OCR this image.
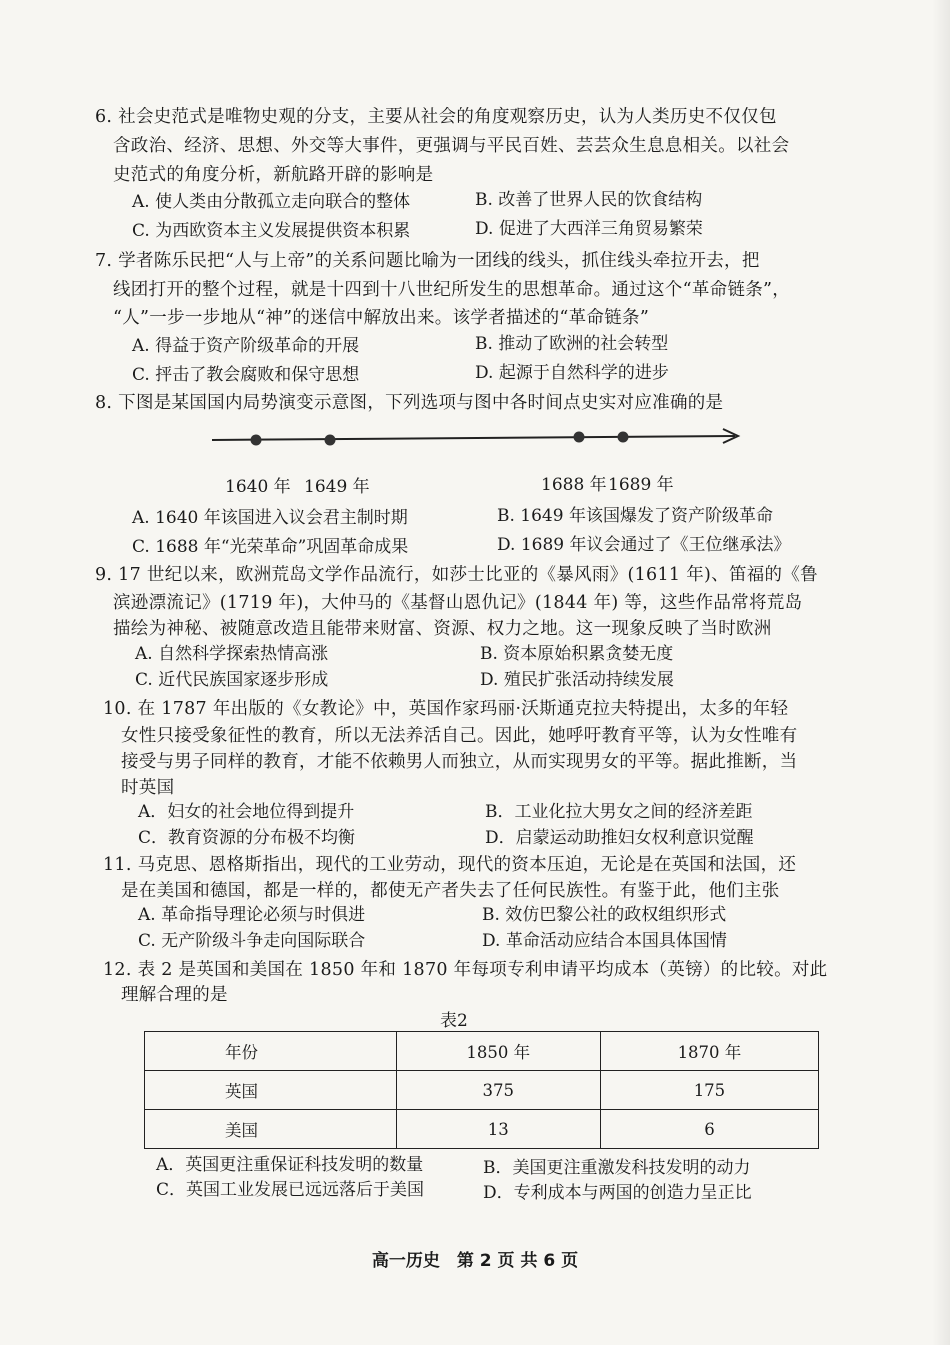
6. 社会史范式是唯物史观的分支，主要从社会的角度观察历史，认为人类历史不仅仅包
含政治、经济、思想、外交等大事件，更强调与平民百姓、芸芸众生息息相关。以社会
史范式的角度分析，新航路开辟的影响是
A. 使人类由分散孤立走向联合的整体	B. 改善了世界人民的饮食结构
C. 为西欧资本主义发展提供资本积累	D. 促进了大西洋三角贸易繁荣
7. 学者陈乐民把“人与上帝”的关系问题比喻为一团线的线头，抓住线头牵拉开去，把
线团打开的整个过程，就是十四到十八世纪所发生的思想革命。通过这个“革命链条”，
“人”一步一步地从“神”的迷信中解放出来。该学者描述的“革命链条”
A. 得益于资产阶级革命的开展	B. 推动了欧洲的社会转型
C. 抨击了教会腐败和保守思想	D. 起源于自然科学的进步
8. 下图是某国国内局势演变示意图，下列选项与图中各时间点史实对应准确的是
1640 年 1649 年	1688 年 1689 年
A. 1640 年该国进入议会君主制时期	B. 1649 年该国爆发了资产阶级革命
C. 1688 年“光荣革命”巩固革命成果	D. 1689 年议会通过了《王位继承法》
9. 17 世纪以来，欧洲荒岛文学作品流行，如莎士比亚的《暴风雨》(1611 年)、笛福的《鲁
滨逊漂流记》(1719 年)，大仲马的《基督山恩仇记》(1844 年) 等，这些作品常将荒岛
描绘为神秘、被随意改造且能带来财富、资源、权力之地。这一现象反映了当时欧洲
A. 自然科学探索热情高涨	B. 资本原始积累贪婪无度
C. 近代民族国家逐步形成	D. 殖民扩张活动持续发展
10. 在 1787 年出版的《女教论》中，英国作家玛丽·沃斯通克拉夫特提出，太多的年轻
女性只接受象征性的教育，所以无法养活自己。因此，她呼吁教育平等，认为女性唯有
接受与男子同样的教育，才能不依赖男人而独立，从而实现男女的平等。据此推断，当
时英国
A．妇女的社会地位得到提升	B．工业化拉大男女之间的经济差距
C．教育资源的分布极不均衡	D．启蒙运动助推妇女权利意识觉醒
11. 马克思、恩格斯指出，现代的工业劳动，现代的资本压迫，无论是在英国和法国，还
是在美国和德国，都是一样的，都使无产者失去了任何民族性。有鉴于此，他们主张
A. 革命指导理论必须与时俱进	B. 效仿巴黎公社的政权组织形式
C. 无产阶级斗争走向国际联合	D. 革命活动应结合本国具体国情
12. 表 2 是英国和美国在 1850 年和 1870 年每项专利申请平均成本（英镑）的比较。对此
理解合理的是
表2
年份	1850 年	1870 年
英国	375	175
美国	13	6
A．英国更注重保证科技发明的数量	B．美国更注重激发科技发明的动力
C．英国工业发展已远远落后于美国	D．专利成本与两国的创造力呈正比
高一历史　第 2 页 共 6 页
